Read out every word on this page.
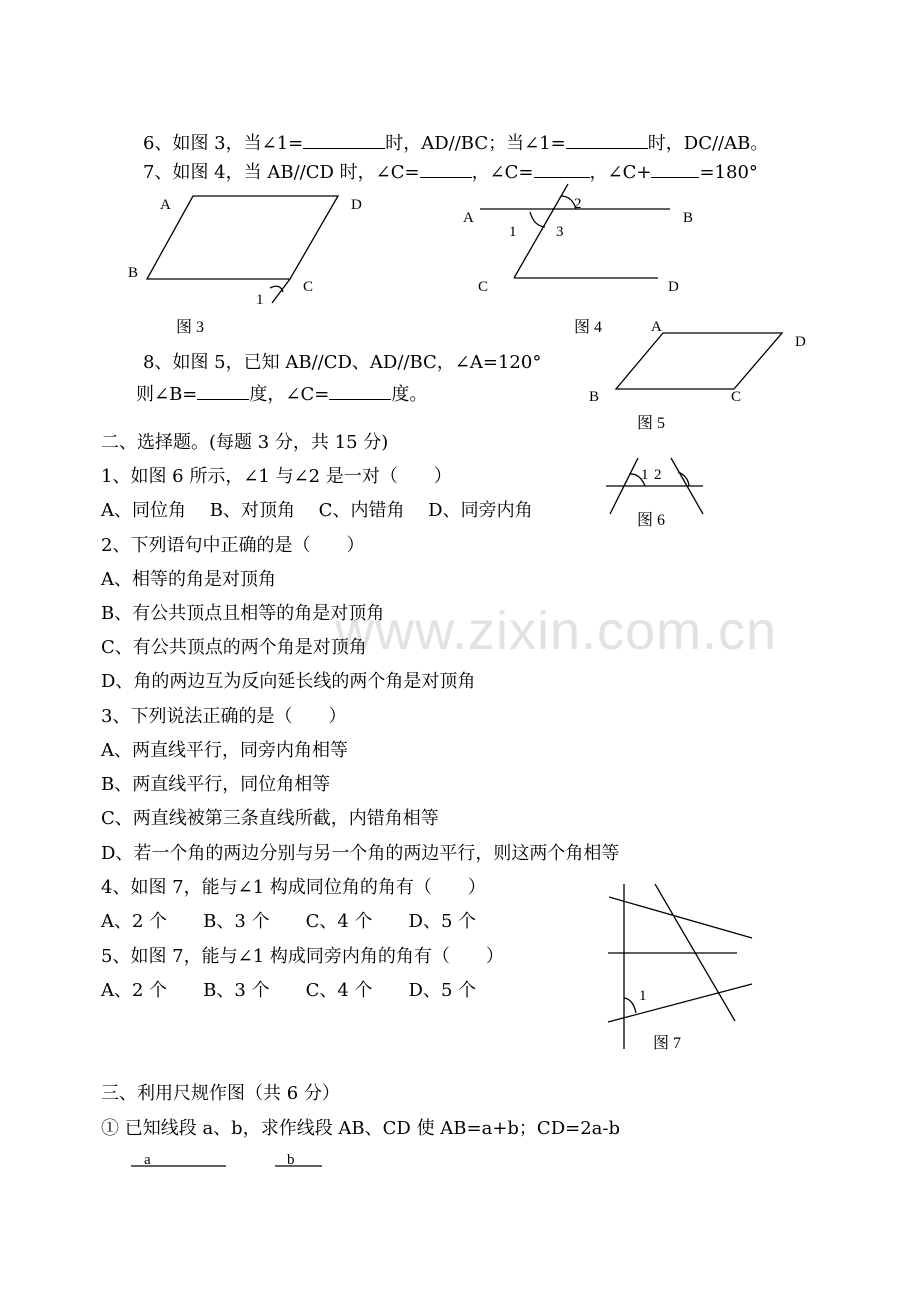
www.zixin.com.cn
6、如图 3，当∠1=	时，AD//BC；当∠1=	时，DC//AB。
7、如图 4，当 AB//CD 时，∠C=	，∠C=	，∠C+	=180°
8、如图 5，已知 AB//CD、AD//BC，∠A=120°
则∠B=	度，∠C=	度。
二、选择题。(每题 3 分，共 15 分)
1、如图 6 所示，∠1 与∠2 是一对（　　）
A、同位角　 B、对顶角　 C、内错角　 D、同旁内角
2、下列语句中正确的是（　　）
A、相等的角是对顶角
B、有公共顶点且相等的角是对顶角
C、有公共顶点的两个角是对顶角
D、角的两边互为反向延长线的两个角是对顶角
3、下列说法正确的是（　　）
A、两直线平行，同旁内角相等
B、两直线平行，同位角相等
C、两直线被第三条直线所截，内错角相等
D、若一个角的两边分别与另一个角的两边平行，则这两个角相等
4、如图 7，能与∠1 构成同位角的角有（　　）
A、2 个　　B、3 个　　C、4 个　　D、5 个
5、如图 7，能与∠1 构成同旁内角的角有（　　）
A、2 个　　B、3 个　　C、4 个　　D、5 个
三、利用尺规作图（共 6 分）
① 已知线段 a、b，求作线段 AB、CD 使 AB=a+b；CD=2a-b
A	D
B
C
1
图 3
A	B
C	D
1
2
3
图 4	A
D
B	C
图 5
1 2
图 6
1
图 7
a	b
